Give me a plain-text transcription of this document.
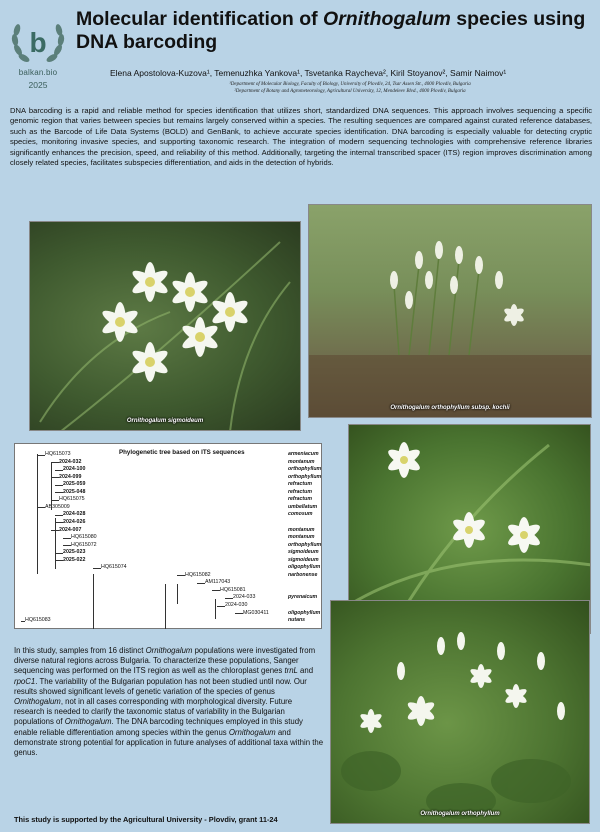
b
balkan.bio
2025
Molecular identification of Ornithogalum species using DNA barcoding
Elena Apostolova-Kuzova¹, Temenuzhka Yankova¹, Tsvetanka Raycheva², Kiril Stoyanov², Samir Naimov¹
¹Department of Molecular Biology, Faculty of Biology, University of Plovdiv, 24, Tsar Assen Str., 4000 Plovdiv, Bulgaria
²Department of Botany and Agrometeorology, Agricultural University, 12, Mendeleev Blvd., 4000 Plovdiv, Bulgaria
DNA barcoding is a rapid and reliable method for species identification that utilizes short, standardized DNA sequences. This approach involves sequencing a specific genomic region that varies between species but remains largely conserved within a species. The resulting sequences are compared against curated reference databases, such as the Barcode of Life Data Systems (BOLD) and GenBank, to achieve accurate species identification. DNA barcoding is especially valuable for detecting cryptic species, monitoring invasive species, and supporting taxonomic research. The integration of modern sequencing technologies with comprehensive reference libraries significantly enhances the precision, speed, and reliability of this method. Additionally, targeting the internal transcribed spacer (ITS) region improves discrimination among closely related species, facilitates subspecies differentiation, and aids in the detection of hybrids.
Ornithogalum sigmoideum
Ornithogalum orthophyllum subsp. kochii
Ornithogalum orthophyllum
Phylogenetic tree based on ITS sequences
HQ615073	armeniacum
2024-032	montanum
2024-100	orthophyllum
2024-099	orthophyllum
2025-059	refractum
2025-048	refractum
HQ615075	refractum
AB305009	umbellatum
2024-028	comosum
2024-026
2024-007	montanum
HQ615080	montanum
HQ615072	orthophyllum
2025-023	sigmoideum
2025-022	sigmoideum
HQ615074	oligophyllum
HQ615082	narbonense
AM117043
HQ615081
2024-033	pyrenaicum
2024-030
MG030411	oligophyllum
HQ615083	nutans
In this study, samples from 16 distinct Ornithogalum populations were investigated from diverse natural regions across Bulgaria. To characterize these populations, Sanger sequencing was performed on the ITS region as well as the chloroplast genes trnL and rpoC1. The variability of the Bulgarian population has not been studied until now. Our results showed significant levels of genetic variation of the species of genus Ornithogalum, not in all cases corresponding with morphological diversity. Future research is needed to clarify the taxonomic status of variability in the Bulgarian populations of Ornithogalum. The DNA barcoding techniques employed in this study enable reliable differentiation among species within the genus Ornithogalum and demonstrate strong potential for application in future analyses of additional taxa within the genus.
This study is supported by the Agricultural University - Plovdiv, grant 11-24
